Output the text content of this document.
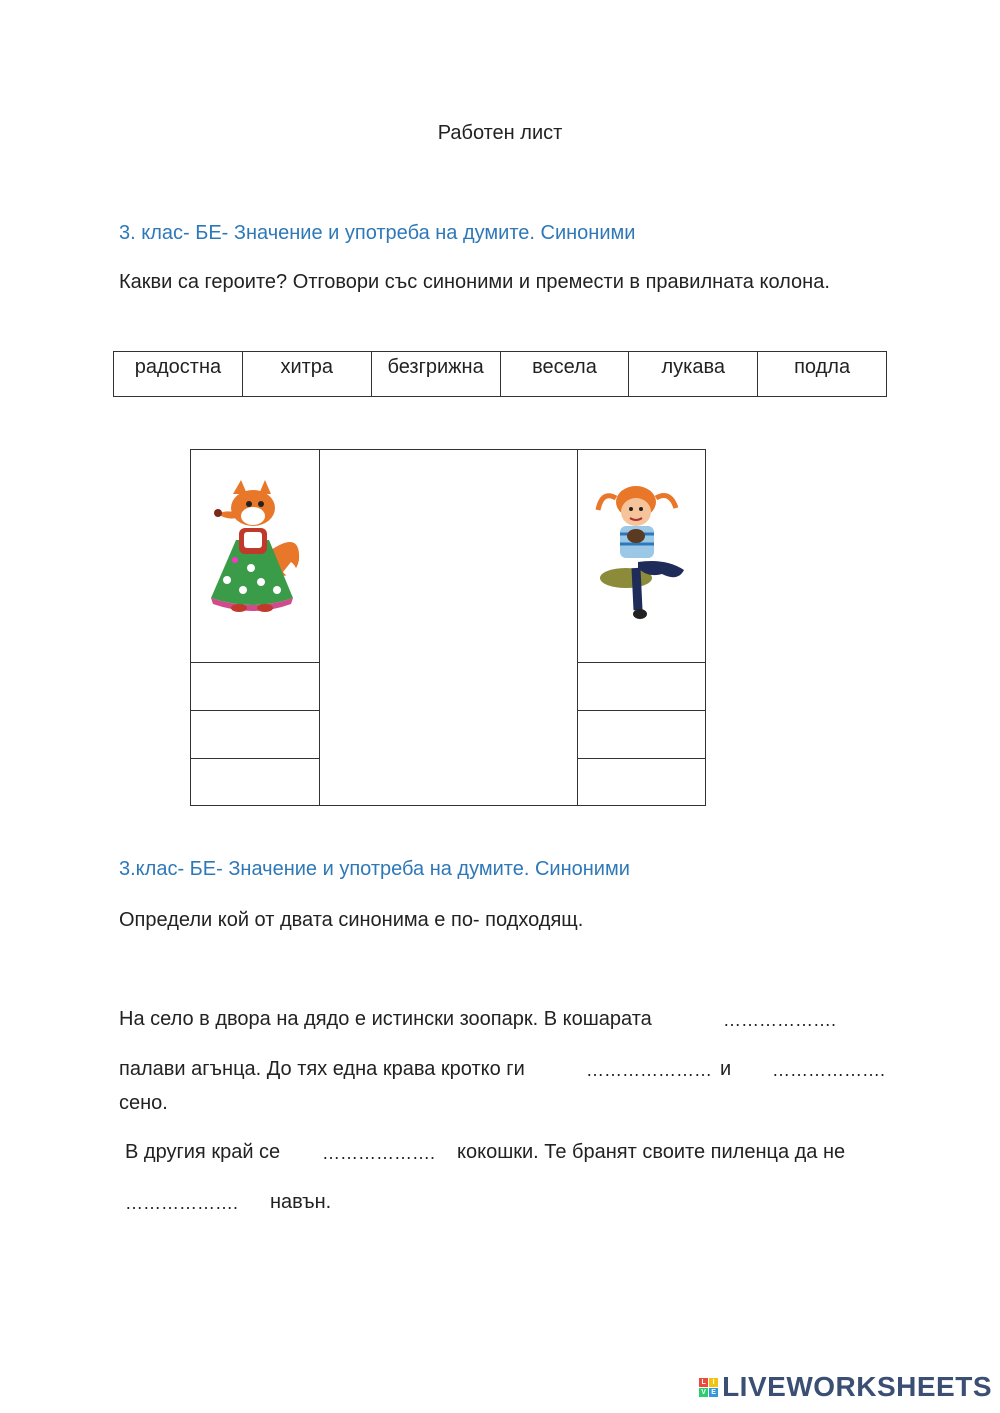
Работен лист
3. клас- БЕ- Значение и употреба на думите. Синоними
Какви са героите? Отговори със синоними и премести в правилната колона.
радостна	хитра	безгрижна	весела	лукава	подла
3.клас- БЕ- Значение и употреба на думите. Синоними
Определи кой от двата синонима е по- подходящ.
На село в двора на дядо е истински зоопарк. В кошарата	……………….
палави агънца. До тях една крава кротко ги	………………… и ……………….
сено.
В другия край се ………………. кокошки. Те бранят своите пиленца да не
………………. навън.
L I
V E LIVEWORKSHEETS
